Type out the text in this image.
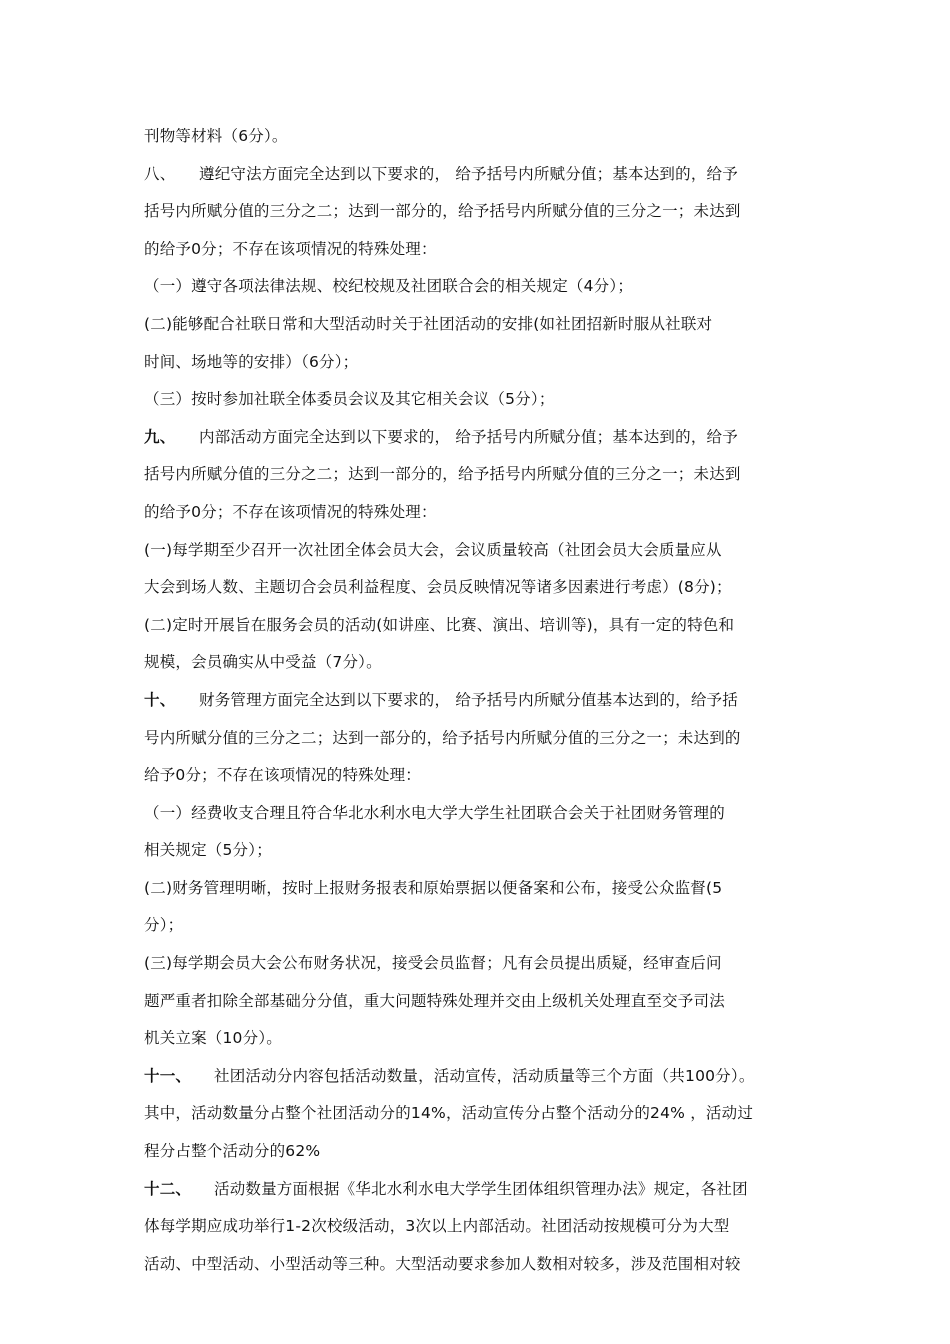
刊物等材料（6分）。
八、 遵纪守法方面完全达到以下要求的， 给予括号内所赋分值；基本达到的，给予
括号内所赋分值的三分之二；达到一部分的，给予括号内所赋分值的三分之一；未达到
的给予0分；不存在该项情况的特殊处理：
（一）遵守各项法律法规、校纪校规及社团联合会的相关规定（4分）；
(二)能够配合社联日常和大型活动时关于社团活动的安排(如社团招新时服从社联对
时间、场地等的安排）（6分）；
（三）按时参加社联全体委员会议及其它相关会议（5分）；
九、 内部活动方面完全达到以下要求的， 给予括号内所赋分值；基本达到的，给予
括号内所赋分值的三分之二；达到一部分的，给予括号内所赋分值的三分之一；未达到
的给予0分；不存在该项情况的特殊处理：
(一)每学期至少召开一次社团全体会员大会，会议质量较高（社团会员大会质量应从
大会到场人数、主题切合会员利益程度、会员反映情况等诸多因素进行考虑）(8分)；
(二)定时开展旨在服务会员的活动(如讲座、比赛、演出、培训等)，具有一定的特色和
规模，会员确实从中受益（7分）。
十、 财务管理方面完全达到以下要求的， 给予括号内所赋分值基本达到的，给予括
号内所赋分值的三分之二；达到一部分的，给予括号内所赋分值的三分之一；未达到的
给予0分；不存在该项情况的特殊处理：
（一）经费收支合理且符合华北水利水电大学大学生社团联合会关于社团财务管理的
相关规定（5分）；
(二)财务管理明晰，按时上报财务报表和原始票据以便备案和公布，接受公众监督(5
分）；
(三)每学期会员大会公布财务状况，接受会员监督；凡有会员提出质疑，经审查后问
题严重者扣除全部基础分分值，重大问题特殊处理并交由上级机关处理直至交予司法
机关立案（10分）。
十一、 社团活动分内容包括活动数量，活动宣传，活动质量等三个方面（共100分）。
其中，活动数量分占整个社团活动分的14%，活动宣传分占整个活动分的24% ，活动过
程分占整个活动分的62%
十二、 活动数量方面根据《华北水利水电大学学生团体组织管理办法》规定，各社团
体每学期应成功举行1-2次校级活动，3次以上内部活动。社团活动按规模可分为大型
活动、中型活动、小型活动等三种。大型活动要求参加人数相对较多，涉及范围相对较
